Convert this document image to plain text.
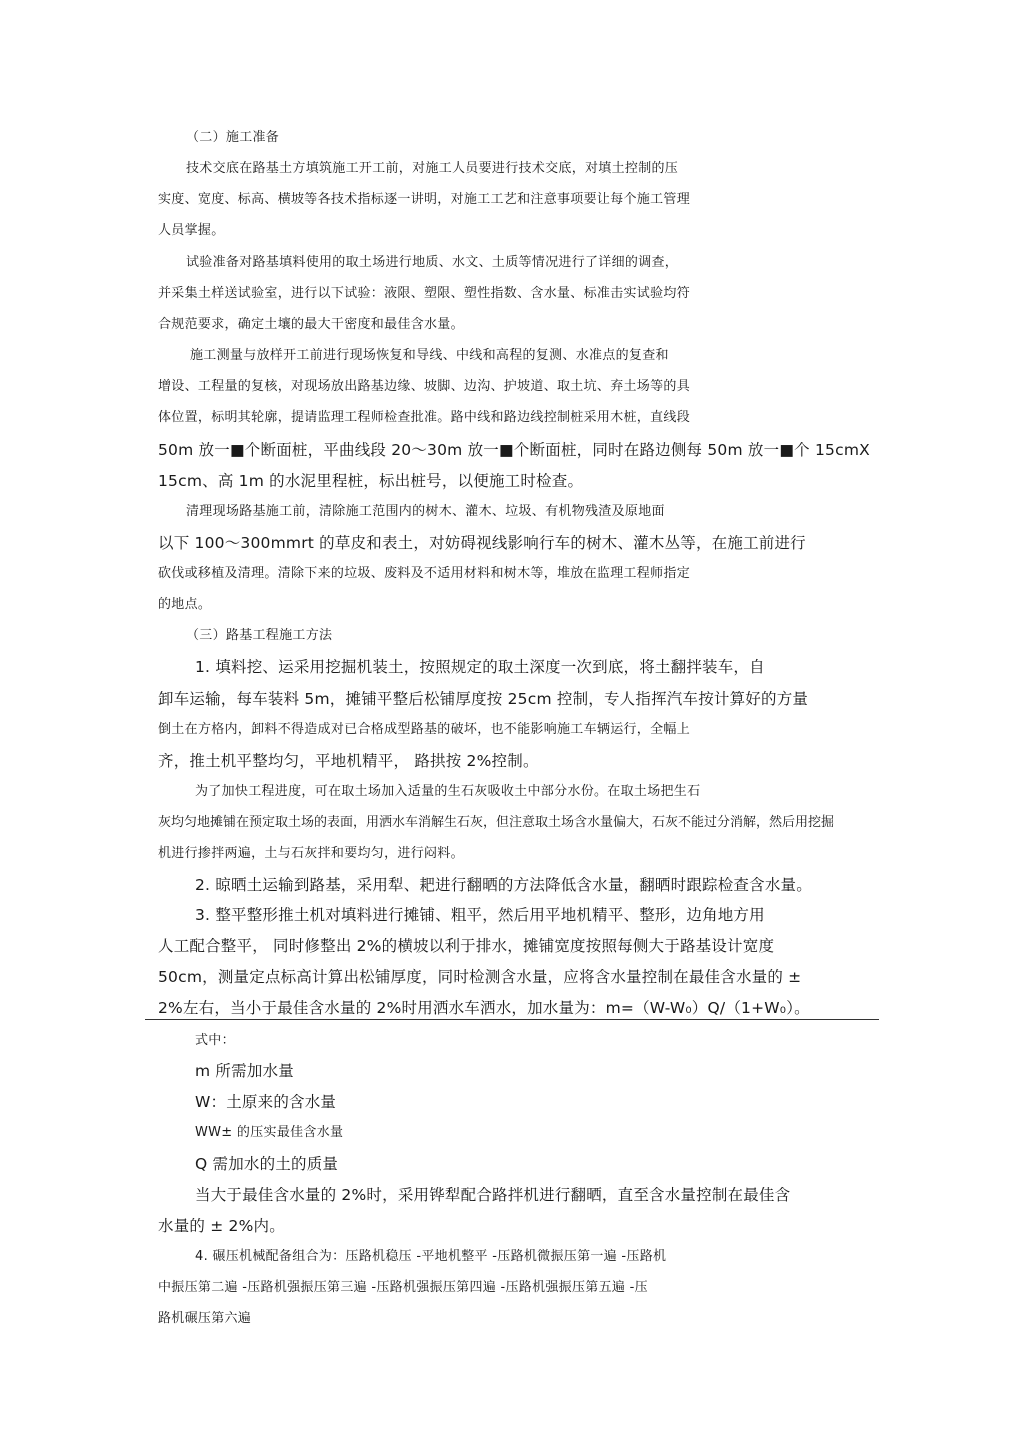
（二）施工准备
技术交底在路基土方填筑施工开工前，对施工人员要进行技术交底，对填土控制的压
实度、宽度、标高、横坡等各技术指标逐一讲明，对施工工艺和注意事项要让每个施工管理
人员掌握。
试验准备对路基填料使用的取土场进行地质、水文、土质等情况进行了详细的调查，
并采集土样送试验室，进行以下试验：液限、塑限、塑性指数、含水量、标准击实试验均符
合规范要求，确定土壤的最大干密度和最佳含水量。
施工测量与放样开工前进行现场恢复和导线、中线和高程的复测、水准点的复查和
增设、工程量的复核，对现场放出路基边缘、坡脚、边沟、护坡道、取土坑、弃土场等的具
体位置，标明其轮廓，提请监理工程师检查批准。路中线和路边线控制桩采用木桩，直线段
50m 放一■个断面桩，平曲线段 20～30m 放一■个断面桩，同时在路边侧每 50m 放一■个 15cmX
15cm、高 1m 的水泥里程桩，标出桩号，以便施工时检查。
清理现场路基施工前，清除施工范围内的树木、灌木、垃圾、有机物残渣及原地面
以下 100～300mmrt 的草皮和表土，对妨碍视线影响行车的树木、灌木丛等，在施工前进行
砍伐或移植及清理。清除下来的垃圾、废料及不适用材料和树木等，堆放在监理工程师指定
的地点。
（三）路基工程施工方法
1. 填料挖、运采用挖掘机装土，按照规定的取土深度一次到底，将土翻拌装车，自
卸车运输，每车装料 5m，摊铺平整后松铺厚度按 25cm 控制，专人指挥汽车按计算好的方量
倒土在方格内，卸料不得造成对已合格成型路基的破坏，也不能影响施工车辆运行，全幅上
齐，推土机平整均匀，平地机精平， 路拱按 2%控制。
为了加快工程进度，可在取土场加入适量的生石灰吸收土中部分水份。在取土场把生石
灰均匀地摊铺在预定取土场的表面，用洒水车消解生石灰，但注意取土场含水量偏大，石灰不能过分消解，然后用挖掘
机进行掺拌两遍，土与石灰拌和要均匀，进行闷料。
2. 晾晒土运输到路基，采用犁、耙进行翻晒的方法降低含水量，翻晒时跟踪检查含水量。
3. 整平整形推土机对填料进行摊铺、粗平，然后用平地机精平、整形，边角地方用
人工配合整平， 同时修整出 2%的横坡以利于排水，摊铺宽度按照每侧大于路基设计宽度
50cm，测量定点标高计算出松铺厚度，同时检测含水量，应将含水量控制在最佳含水量的 ±
2%左右，当小于最佳含水量的 2%时用洒水车洒水，加水量为：m=（W-W₀）Q/（1+W₀）。
式中：
m 所需加水量
W：土原来的含水量
WW± 的压实最佳含水量
Q 需加水的土的质量
当大于最佳含水量的 2%时，采用铧犁配合路拌机进行翻晒，直至含水量控制在最佳含
水量的 ± 2%内。
4. 碾压机械配备组合为：压路机稳压 -平地机整平 -压路机微振压第一遍 -压路机
中振压第二遍 -压路机强振压第三遍 -压路机强振压第四遍 -压路机强振压第五遍 -压
路机碾压第六遍
